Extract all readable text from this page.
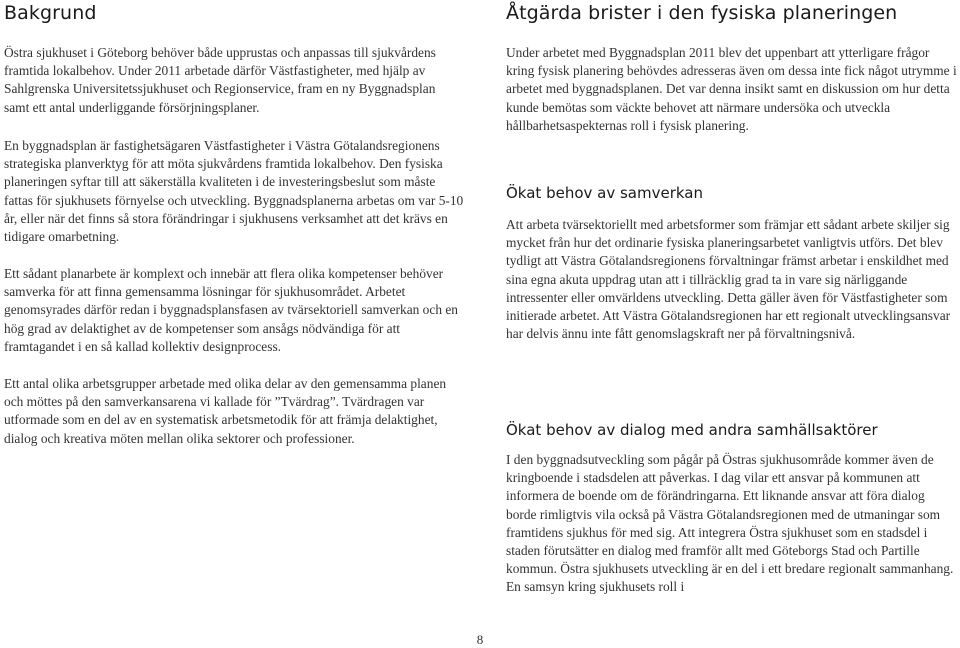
Bakgrund

Östra sjukhuset i Göteborg behöver både upprustas och anpassas till sjukvårdens framtida lokalbehov. Under 2011 arbetade därför Västfastigheter, med hjälp av Sahlgrenska Universitetssjukhuset och Regionservice, fram en ny Byggnadsplan samt ett antal underliggande försörjningsplaner.

En byggnadsplan är fastighetsägaren Västfastigheter i Västra Götalandsregionens strategiska planverktyg för att möta sjukvårdens framtida lokalbehov. Den fysiska planeringen syftar till att säkerställa kvaliteten i de investeringsbeslut som måste fattas för sjukhusets förnyelse och utveckling. Byggnadsplanerna arbetas om var 5-10 år, eller när det finns så stora förändringar i sjukhusens verksamhet att det krävs en tidigare omarbetning.

Ett sådant planarbete är komplext och innebär att flera olika kompetenser behöver samverka för att finna gemensamma lösningar för sjukhusområdet. Arbetet genomsyrades därför redan i byggnadsplansfasen av tvärsektoriell samverkan och en hög grad av delaktighet av de kompetenser som ansågs nödvändiga för att framtagandet i en så kallad kollektiv designprocess.

Ett antal olika arbetsgrupper arbetade med olika delar av den gemensamma planen och möttes på den samverkansarena vi kallade för ”Tvärdrag”. Tvärdragen var utformade som en del av en systematisk arbetsmetodik för att främja delaktighet, dialog och kreativa möten mellan olika sektorer och professioner.

Åtgärda brister i den fysiska planeringen

Under arbetet med Byggnadsplan 2011 blev det uppenbart att ytterligare frågor kring fysisk planering behövdes adresseras även om dessa inte fick något utrymme i arbetet med byggnadsplanen. Det var denna insikt samt en diskussion om hur detta kunde bemötas som väckte behovet att närmare undersöka och utveckla hållbarhetsaspekternas roll i fysisk planering.

Ökat behov av samverkan

Att arbeta tvärsektoriellt med arbetsformer som främjar ett sådant arbete skiljer sig mycket från hur det ordinarie fysiska planeringsarbetet vanligtvis utförs. Det blev tydligt att Västra Götalandsregionens förvaltningar främst arbetar i enskildhet med sina egna akuta uppdrag utan att i tillräcklig grad ta in vare sig närliggande intressenter eller omvärldens utveckling. Detta gäller även för Västfastigheter som initierade arbetet. Att Västra Götalandsregionen har ett regionalt utvecklingsansvar har delvis ännu inte fått genomslagskraft ner på förvaltningsnivå.

Ökat behov av dialog med andra samhällsaktörer

I den byggnadsutveckling som pågår på Östras sjukhusområde kommer även de kringboende i stadsdelen att påverkas. I dag vilar ett ansvar på kommunen att informera de boende om de förändringarna. Ett liknande ansvar att föra dialog borde rimligtvis vila också på Västra Götalandsregionen med de utmaningar som framtidens sjukhus för med sig. Att integrera Östra sjukhuset som en stadsdel i staden förutsätter en dialog med framför allt med Göteborgs Stad och Partille kommun. Östra sjukhusets utveckling är en del i ett bredare regionalt sammanhang. En samsyn kring sjukhusets roll i

8
